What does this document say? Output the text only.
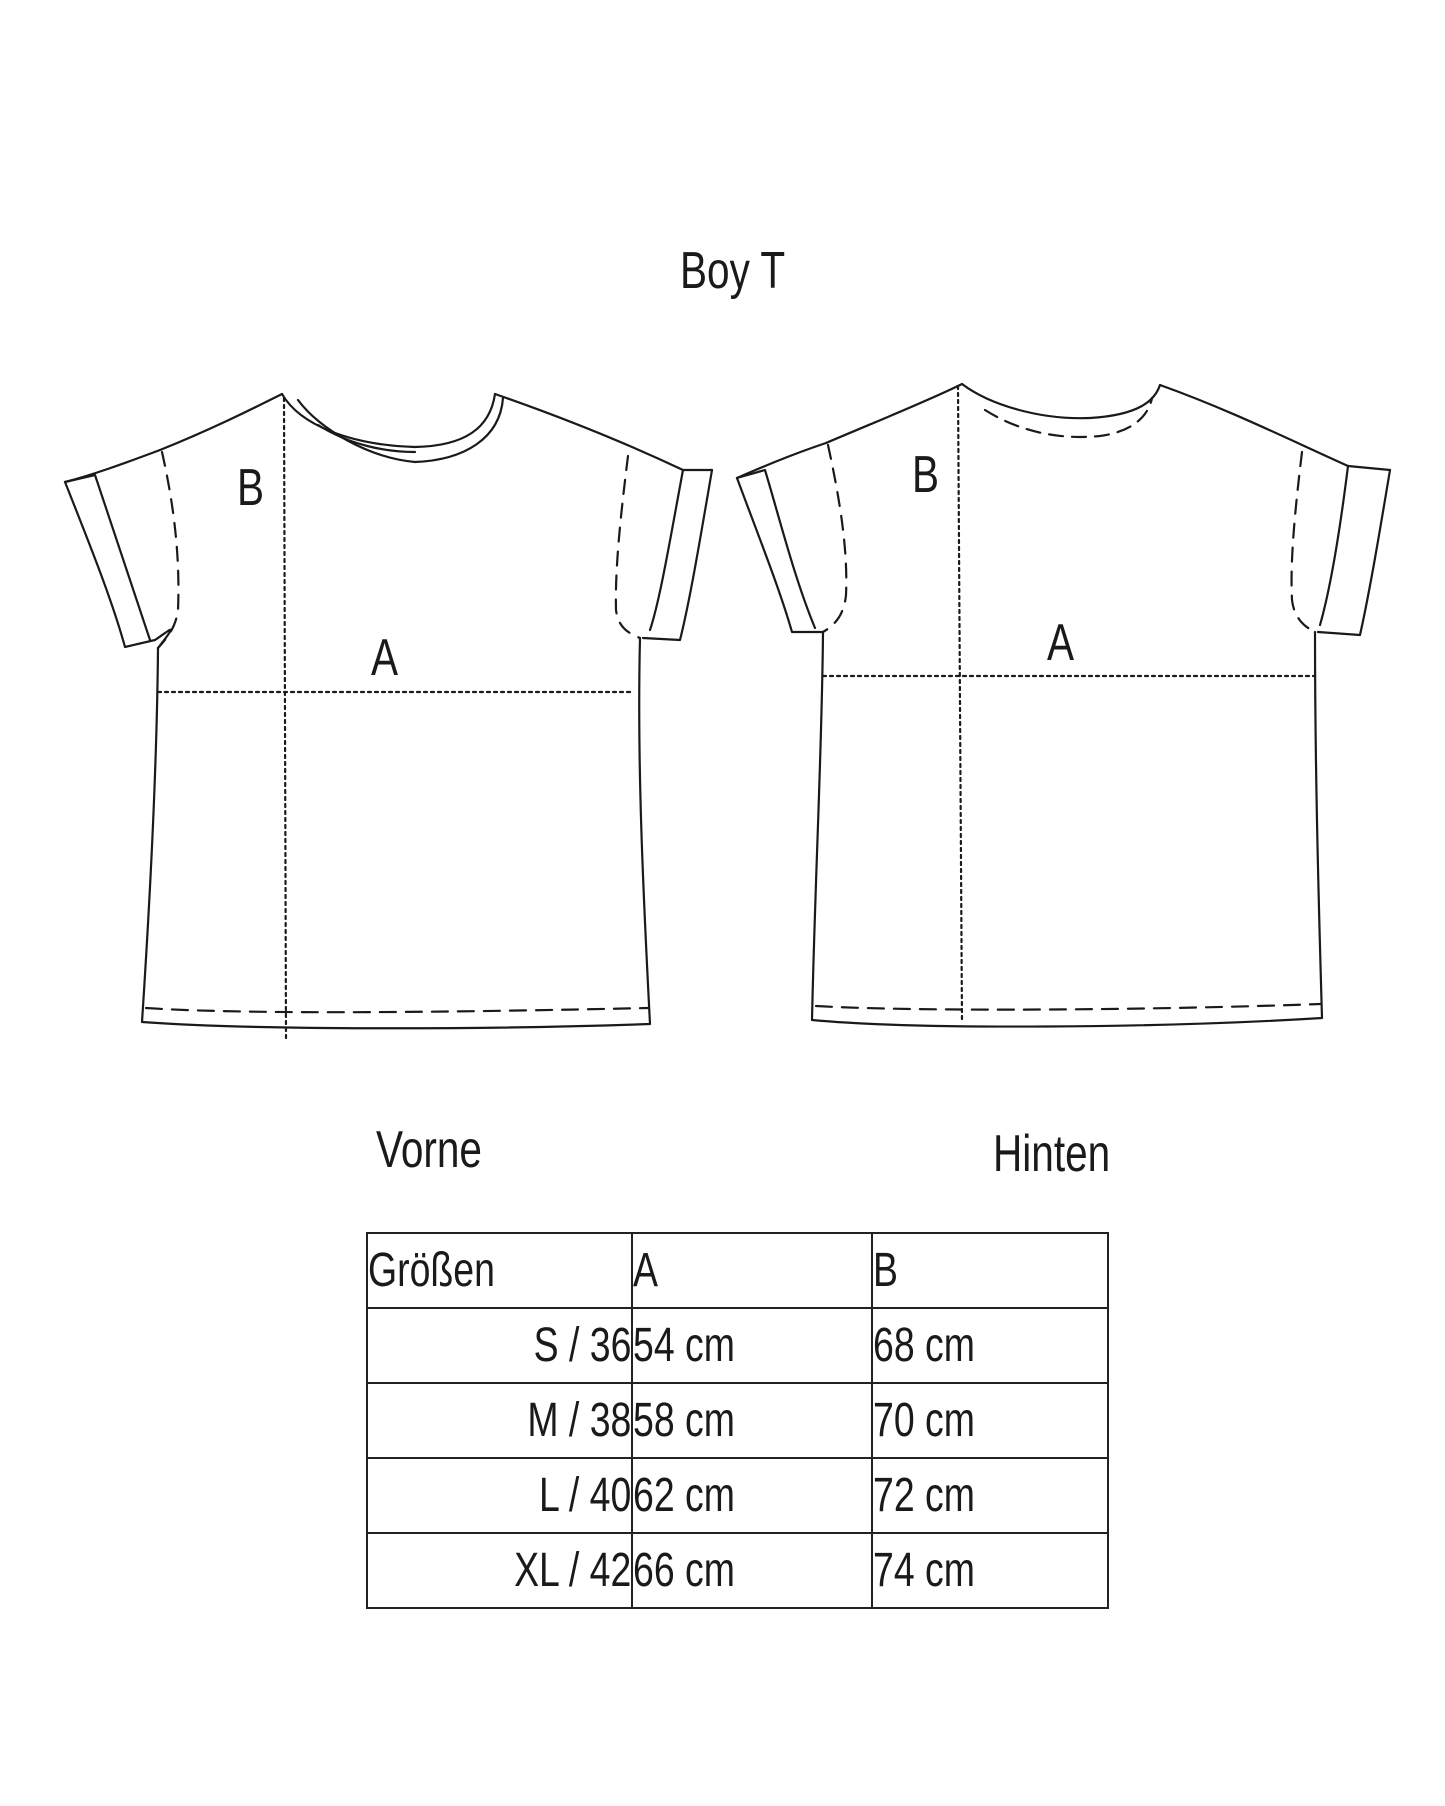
Boy T
B
A
B
A
Vorne	Hinten
Größen	A	B
S / 36	54 cm	68 cm
M / 38	58 cm	70 cm
L / 40	62 cm	72 cm
XL / 42	66 cm	74 cm
